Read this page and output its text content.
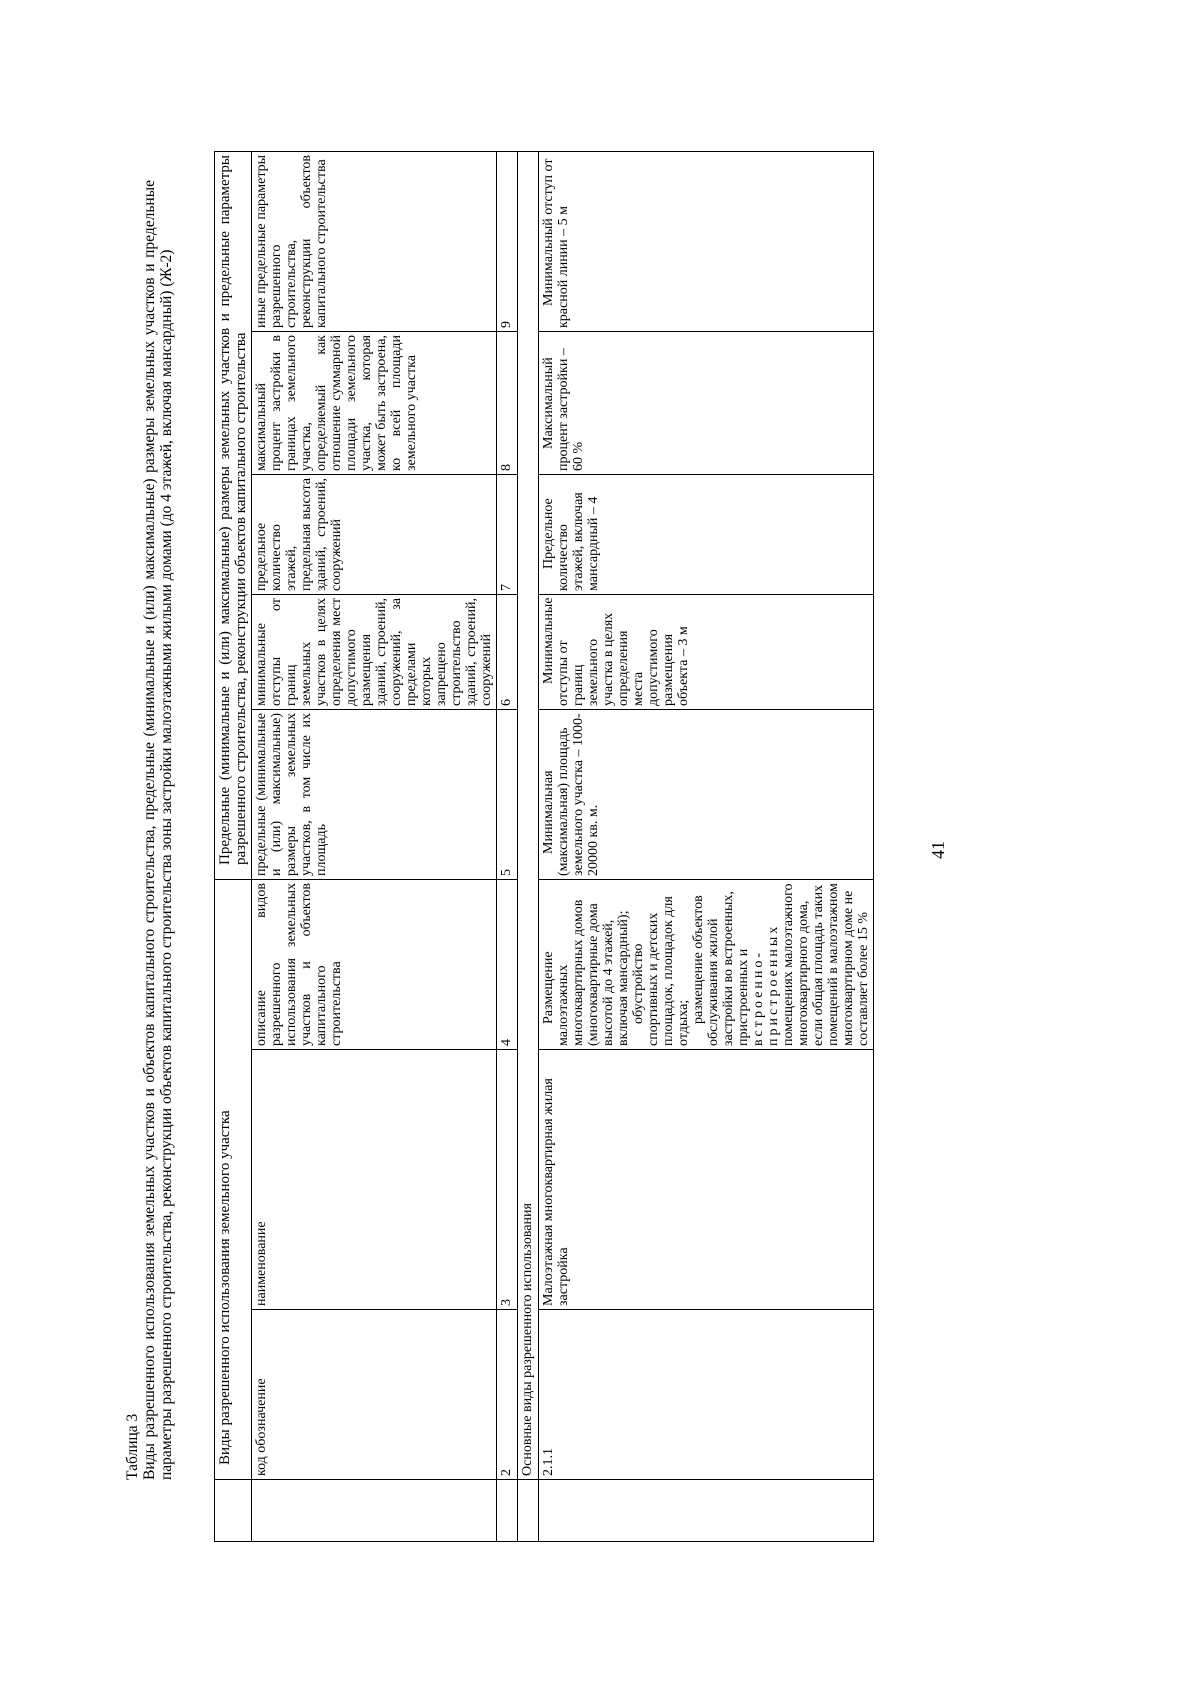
Таблица 3 Виды разрешенного использования земельных участков и объектов капитального строительства, предельные (минимальные и (или) максимальные) размеры земельных участков и предельные параметры разрешенного строительства, реконструкции объектов капитального строительства зоны застройки малоэтажными жилыми домами (до 4 этажей, включая мансардный) (Ж-2)
		Виды разрешенного использования земельного участка			Предельные (минимальные и (или) максимальные) размеры земельных участков и предельные параметры разрешенного строительства, реконструкции объектов капитального строительства				
	код обозначение	наименование	описание видов разрешенного использования земельных участков и объектов капитального строительства	предельные (минимальные и (или) максимальные) размеры земельных участков, в том числе их площадь	минимальные отступы от границ земельных участков в целях определения мест допустимого размещения зданий, строений, сооружений, за пределами которых запрещено строительство зданий, строений, сооружений	предельное количество этажей, предельная высота зданий, строений, сооружений	максимальный процент застройки в границах земельного участка, определяемый как отношение суммарной площади земельного участка, которая может быть застроена, ко всей площади земельного участка	иные предельные параметры разрешенного строительства, реконструкции объектов капитального строительства
	2	3	4	5	6	7	8	9
	Основные виды разрешенного использования							
	2.1.1	Малоэтажная многоквартирная жилая застройка	Размещение малоэтажных многоквартирных домов (многоквартирные дома высотой до 4 этажей, включая мансардный); обустройство спортивных и детских площадок, площадок для отдыха; размещение объектов обслуживания жилой застройки во встроенных, пристроенных и встроенно-пристроенных помещениях малоэтажного многоквартирного дома, если общая площадь таких помещений в малоэтажном многоквартирном доме не составляет более 15 %	Минимальная (максимальная) площадь земельного участка – 1000-20000 кв. м.	Минимальные отступы от границ земельного участка в целях определения места допустимого размещения объекта – 3 м	Предельное количество этажей, включая мансардный – 4	Максимальный процент застройки – 60 %	Минимальный отступ от красной линии – 5 м
41
